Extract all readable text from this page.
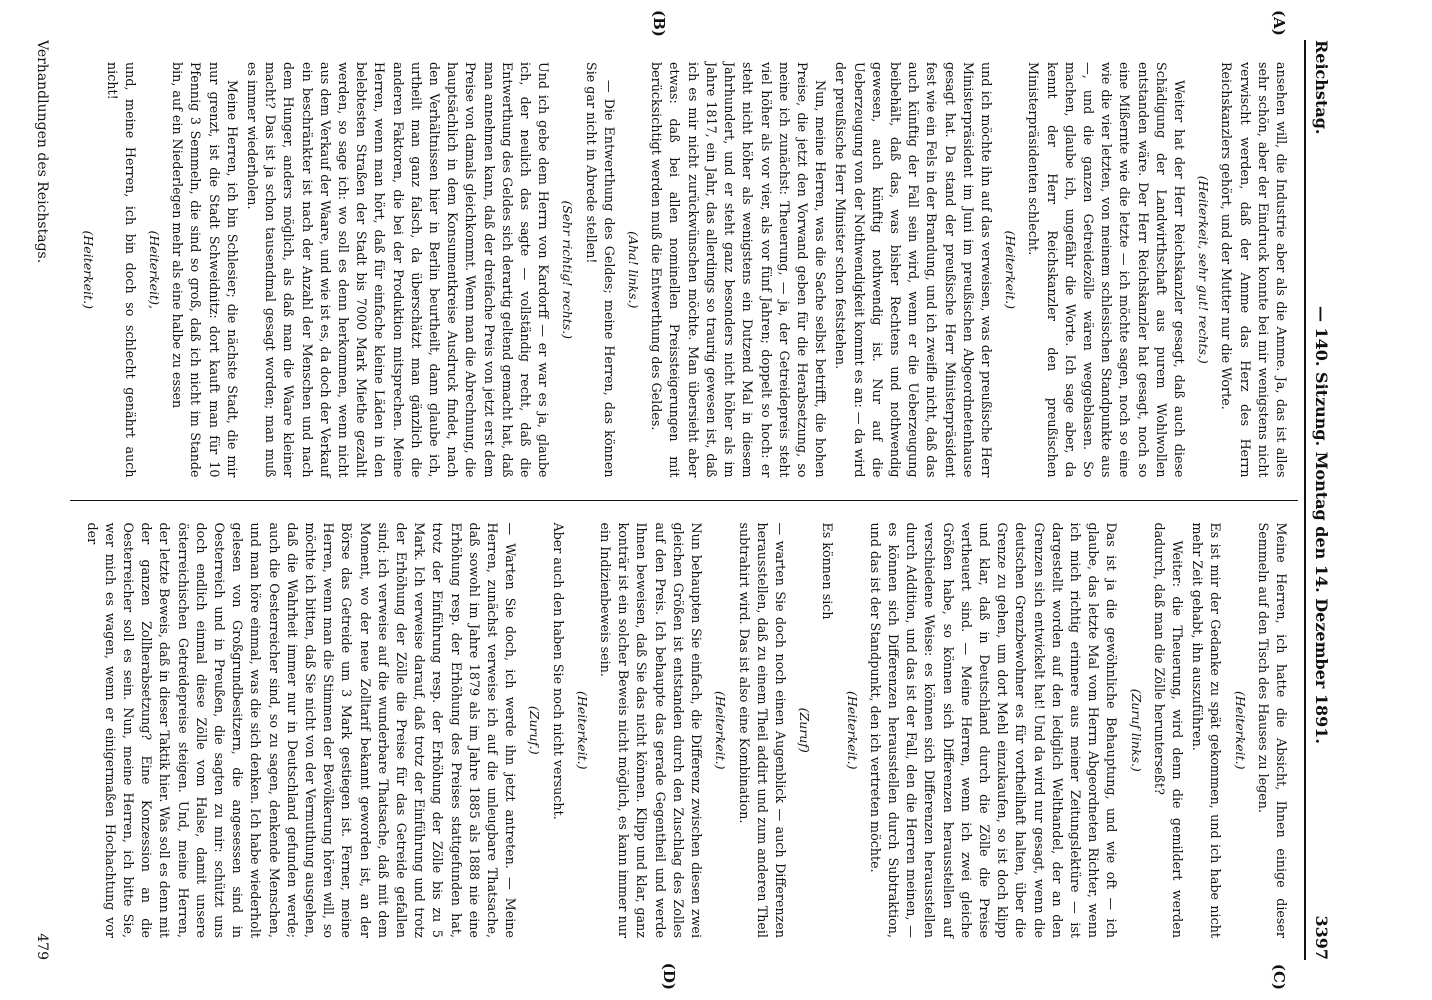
Reichstag.
— 140. Sitzung. Montag den 14. Dezember 1891.
3397
(A)
(B)

ansehen will, die Industrie aber als die Amme. Ja, das ist alles sehr schön, aber der Eindruck konnte bei mir wenigstens nicht verwischt werden, daß der Amme das Herz des Herrn Reichskanzlers gehört, und der Mutter nur die Worte.

(Heiterkeit, sehr gut! rechts.)

Weiter hat der Herr Reichskanzler gesagt, daß auch diese Schädigung der Landwirthschaft aus purem Wohlwollen entstanden wäre. Der Herr Reichskanzler hat gesagt, noch so eine Mißernte wie die letzte — ich möchte sagen, noch so eine wie die vier letzten, von meinem schlesischen Standpunkte aus —, und die ganzen Getreidezölle wären weggeblasen. So machen, glaube ich, ungefähr die Worte. Ich sage aber, da kennt der Herr Reichskanzler den preußischen Ministerpräsidenten schlecht.

(Heiterkeit.)

und ich möchte ihn auf das verweisen, was der preußische Herr Ministerpräsident im Juni im preußischen Abgeordnetenhause gesagt hat. Da stand der preußische Herr Ministerpräsident fest wie ein Fels in der Brandung, und ich zweifle nicht, daß das auch künftig der Fall sein wird, wenn er die Ueberzeugung beibehält, daß das, was bisher Rechtens und nothwendig gewesen, auch künftig nothwendig ist. Nur auf die Ueberzeugung von der Nothwendigkeit kommt es an: — da wird der preußische Herr Minister schon feststehen.

Nun, meine Herren, was die Sache selbst betrifft, die hohen Preise, die jetzt den Vorwand geben für die Herabsetzung, so meine ich zunächst: Theuerung, — ja, der Getreidepreis steht viel höher als vor vier, als vor fünf Jahren; doppelt so hoch: er steht nicht höher als wenigstens ein Dutzend Mal in diesem Jahrhundert, und er steht ganz besonders nicht höher als im Jahre 1817, ein Jahr, das allerdings so traurig gewesen ist, daß ich es mir nicht zurückwünschen möchte. Man übersieht aber etwas: daß bei allen nominellen Preissteigerungen mit berücksichtigt werden muß die Entwerthung des Geldes.

(Aha! links.)

— Die Entwerthung des Geldes; meine Herren, das können Sie gar nicht in Abrede stellen!

(Sehr richtig! rechts.)

Und ich gebe dem Herrn von Kardorff — er war es ja, glaube ich, der neulich das sagte — vollständig recht, daß die Entwerthung des Geldes sich derartig geltend gemacht hat, daß man annehmen kann, daß der dreifache Preis von jetzt erst dem Preise von damals gleichkommt. Wenn man die Abrechnung, die hauptsächlich in dem Konsumentkreise Ausdruck findet, nach den Verhältnissen hier in Berlin beurtheilt, dann glaube ich, urtheilt man ganz falsch, da überschätzt man gänzlich die anderen Faktoren, die bei der Produktion mitsprechen. Meine Herren, wenn man hört, daß für einfache kleine Läden in den belebtesten Straßen der Stadt bis 7000 Mark Miethe gezahlt werden, so sage ich: wo soll es denn herkommen, wenn nicht aus dem Verkauf der Waare, und wie ist es, da doch der Verkauf ein beschränkter ist nach der Anzahl der Menschen und nach dem Hunger, anders möglich, als daß man die Waare kleiner macht? Das ist ja schon tausendmal gesagt worden; man muß es immer wiederholen.

Meine Herren, ich bin Schlesier; die nächste Stadt, die mir nur grenzt, ist die Stadt Schweidnitz: dort kauft man für 10 Pfennig 3 Semmeln, die sind so groß, daß ich nicht im Stande bin, auf ein Niederlegen mehr als eine halbe zu essen

(Heiterkeit),

und, meine Herren, ich bin doch so schlecht genährt auch nicht!

(Heiterkeit.)
(C)
(D)

Meine Herren, ich hatte die Absicht, Ihnen einige dieser Semmeln auf den Tisch des Hauses zu legen.

(Heiterkeit.)

Es ist mir der Gedanke zu spät gekommen, und ich habe nicht mehr Zeit gehabt, ihn auszuführen.

Weiter: die Theuerung, wird denn die gemildert werden dadurch, daß man die Zölle herunterseßt?

(Zuruf links.)

Das ist ja die gewöhnliche Behauptung, und wie oft — ich glaube, das letzte Mal vom Herrn Abgeordneten Richter, wenn ich mich richtig erinnere aus meiner Zeitungslektüre — ist dargestellt worden auf den lediglich Welthandel, der an den Grenzen sich entwickelt hat! Und da wird nur gesagt, wenn die deutschen Grenzbewohner es für vortheilhaft halten, über die Grenze zu gehen, um dort Mehl einzukaufen, so ist doch klipp und klar, daß in Deutschland durch die Zölle die Preise vertheuert sind. — Meine Herren, wenn ich zwei gleiche Größen habe, so können sich Differenzen herausstellen auf verschiedene Weise: es können sich Differenzen herausstellen durch Addition, und das ist der Fall, den die Herren meinen, — es können sich Differenzen herausstellen durch Subtraktion, und das ist der Standpunkt, den ich vertreten möchte.

(Heiterkeit.)

Es können sich

(Zuruf)

— warten Sie doch noch einen Augenblick — auch Differenzen herausstellen, daß zu einem Theil addirt und zum anderen Theil subtrahirt wird. Das ist also eine Kombination.

(Heiterkeit.)

Nun behaupten Sie einfach, die Differenz zwischen diesen zwei gleichen Größen ist entstanden durch den Zuschlag des Zolles auf den Preis. Ich behaupte das gerade Gegentheil und werde Ihnen beweisen, daß Sie das nicht können. Klipp und klar, ganz konträr ist ein solcher Beweis nicht möglich, es kann immer nur ein Indizienbeweis sein.

(Heiterkeit.)

Aber auch den haben Sie noch nicht versucht.

(Zuruf.)

— Warten Sie doch, ich werde ihn jetzt antreten. — Meine Herren, zunächst verweise ich auf die unleugbare Thatsache, daß sowohl im Jahre 1879 als im Jahre 1885 als 1888 nie eine Erhöhung resp. der Erhöhung des Preises stattgefunden hat, trotz der Einführung resp. der Erhöhung der Zölle bis zu 5 Mark. Ich verweise darauf, daß trotz der Einführung und trotz der Erhöhung der Zölle die Preise für das Getreide gefallen sind; ich verweise auf die wunderbare Thatsache, daß mit dem Moment, wo der neue Zolltarif bekannt geworden ist, an der Börse das Getreide um 3 Mark gestiegen ist. Ferner, meine Herren, wenn man die Stimmen der Bevölkerung hören will, so möchte ich bitten, daß Sie nicht von der Vermuthung ausgehen, daß die Wahrheit immer nur in Deutschland gefunden werde; auch die Oesterreicher sind, so zu sagen, denkende Menschen, und man höre einmal, was die sich denken. Ich habe wiederholt gelesen von Großgrundbesitzern, die angesessen sind in Oesterreich und in Preußen, die sagten zu mir: schützt uns doch endlich einmal diese Zölle vom Halse, damit unsere österreichischen Getreidepreise steigen. Und, meine Herren, der letzte Beweis, daß in dieser Taktik hier. Was soll es denn mit der ganzen Zollherabsetzung? Eine Konzession an die Oesterreicher soll es sein. Nun, meine Herren, ich bitte Sie, wer mich es wagen, wenn er einigermaßen Hochachtung vor der

Verhandlungen des Reichstags.
479
